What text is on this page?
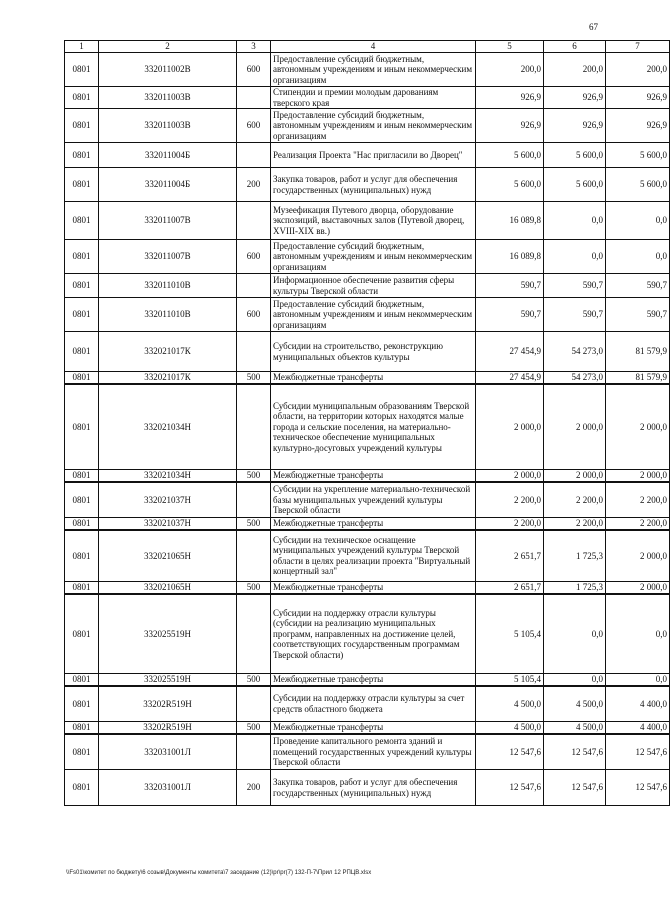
67
1	2	3	4	5	6	7
0801	332011002В	600	Предоставление субсидий бюджетным, автономным учреждениям и иным некоммерческим организациям	200,0	200,0	200,0
0801	332011003В		Стипендии и премии молодым дарованиям тверского края	926,9	926,9	926,9
0801	332011003В	600	Предоставление субсидий бюджетным, автономным учреждениям и иным некоммерческим организациям	926,9	926,9	926,9
0801	332011004Б		Реализация Проекта "Нас пригласили во Дворец"	5 600,0	5 600,0	5 600,0
0801	332011004Б	200	Закупка товаров, работ и услуг для обеспечения государственных (муниципальных) нужд	5 600,0	5 600,0	5 600,0
0801	332011007В		Музеефикация Путевого дворца, оборудование экспозиций, выставочных залов (Путевой дворец, XVIII-XIX вв.)	16 089,8	0,0	0,0
0801	332011007В	600	Предоставление субсидий бюджетным, автономным учреждениям и иным некоммерческим организациям	16 089,8	0,0	0,0
0801	332011010В		Информационное обеспечение развития сферы культуры Тверской области	590,7	590,7	590,7
0801	332011010В	600	Предоставление субсидий бюджетным, автономным учреждениям и иным некоммерческим организациям	590,7	590,7	590,7
0801	332021017К		Субсидии на строительство, реконструкцию муниципальных объектов культуры	27 454,9	54 273,0	81 579,9
0801	332021017К	500	Межбюджетные трансферты	27 454,9	54 273,0	81 579,9
0801	332021034Н		Субсидии муниципальным образованиям Тверской области, на территории которых находятся малые города и сельские поселения, на материально-техническое обеспечение муниципальных культурно-досуговых учреждений культуры	2 000,0	2 000,0	2 000,0
0801	332021034Н	500	Межбюджетные трансферты	2 000,0	2 000,0	2 000,0
0801	332021037Н		Субсидии на укрепление материально-технической базы муниципальных учреждений культуры Тверской области	2 200,0	2 200,0	2 200,0
0801	332021037Н	500	Межбюджетные трансферты	2 200,0	2 200,0	2 200,0
0801	332021065Н		Субсидии на техническое оснащение муниципальных учреждений культуры Тверской области в целях реализации проекта "Виртуальный концертный зал"	2 651,7	1 725,3	2 000,0
0801	332021065Н	500	Межбюджетные трансферты	2 651,7	1 725,3	2 000,0
0801	332025519Н		Субсидии на поддержку отрасли культуры (субсидии на реализацию муниципальных программ, направленных на достижение целей, соответствующих государственным программам Тверской области)	5 105,4	0,0	0,0
0801	332025519Н	500	Межбюджетные трансферты	5 105,4	0,0	0,0
0801	33202R519Н		Субсидии на поддержку отрасли культуры за счет средств областного бюджета	4 500,0	4 500,0	4 400,0
0801	33202R519Н	500	Межбюджетные трансферты	4 500,0	4 500,0	4 400,0
0801	332031001Л		Проведение капитального ремонта зданий и помещений государственных учреждений культуры Тверской области	12 547,6	12 547,6	12 547,6
0801	332031001Л	200	Закупка товаров, работ и услуг для обеспечения государственных (муниципальных) нужд	12 547,6	12 547,6	12 547,6
\\Fs01\комитет по бюджету\6 созыв\Документы комитета\7 заседание (12)\pr\pr(7) 132-П-7\Прил 12 РПЦВ.xlsx
